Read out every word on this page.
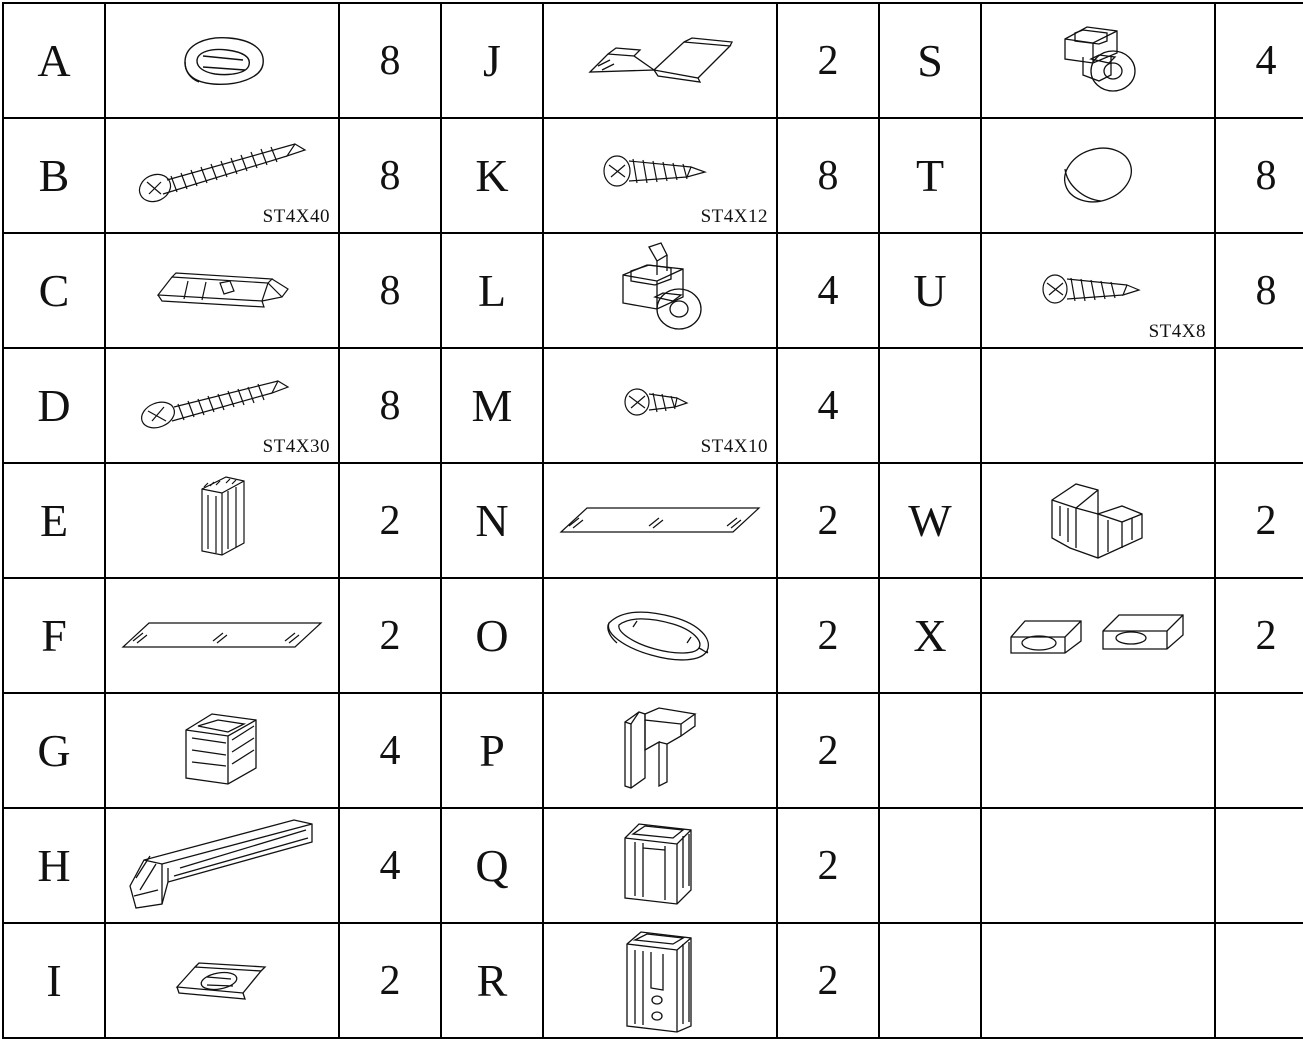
A		8	J		2	S		4

B	ST4X40	8	K	ST4X12	8	T		8

C		8	L		4	U	ST4X8	8

D	ST4X30	8	M	ST4X10	4			

E		2	N		2	W		2

F		2	O		2	X		2

G		4	P		2			

H		4	Q		2			

I		2	R		2			
